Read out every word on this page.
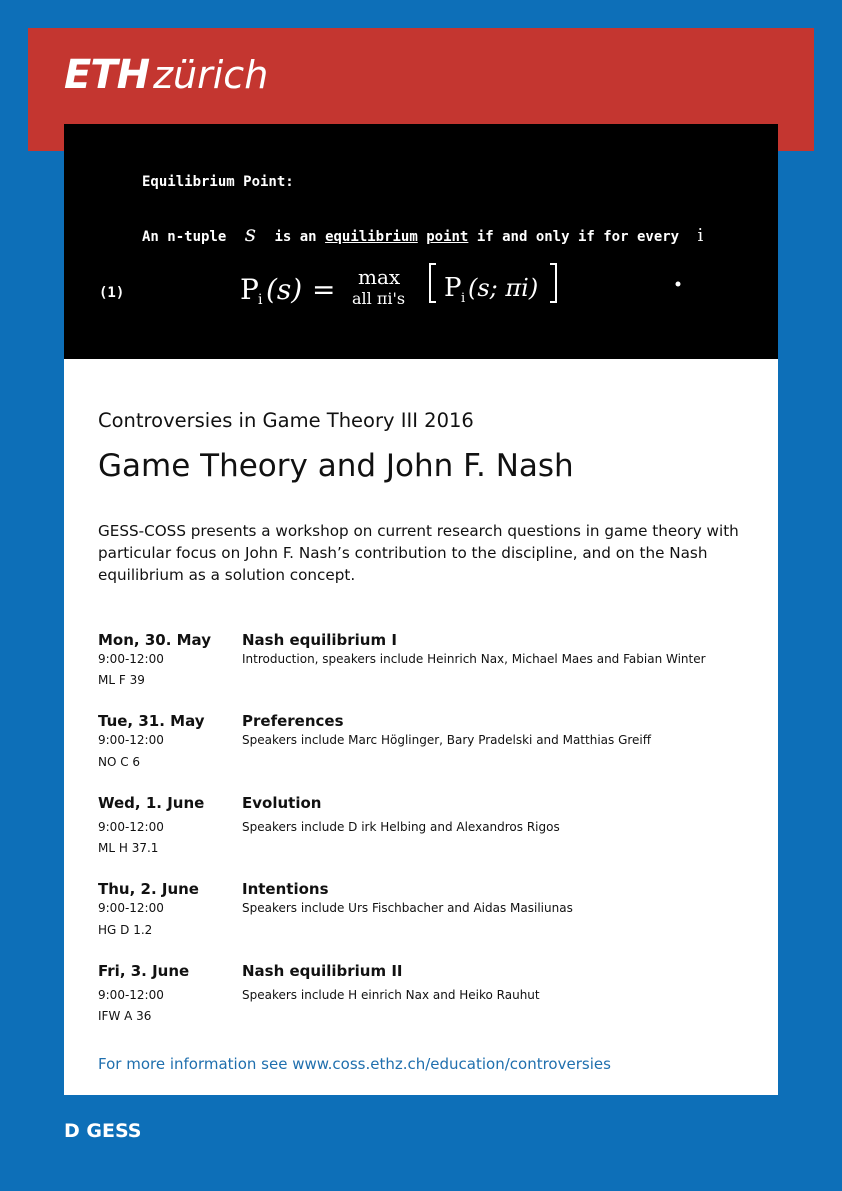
ETH zürich
Equilibrium Point:
An n-tuple s is an equilibrium point if and only if for every i
(1)	P i (s) = max
all πi's P i (s; πi)
Controversies in Game Theory III 2016
Game Theory and John F. Nash
GESS-COSS presents a workshop on current research questions in game theory with particular focus on John F. Nash’s contribution to the discipline, and on the Nash equilibrium as a solution concept.
Mon, 30. May
9:00-12:00
ML F 39
Nash equilibrium I
Introduction, speakers include Heinrich Nax, Michael Maes and Fabian Winter
Tue, 31. May
9:00-12:00
NO C 6
Preferences
Speakers include Marc Höglinger, Bary Pradelski and Matthias Greiff
Wed, 1. June
9:00-12:00
ML H 37.1
Evolution
Speakers include D irk Helbing and Alexandros Rigos
Thu, 2. June
9:00-12:00
HG D 1.2
Intentions
Speakers include Urs Fischbacher and Aidas Masiliunas
Fri, 3. June
9:00-12:00
IFW A 36
Nash equilibrium II
Speakers include H einrich Nax and Heiko Rauhut
For more information see www.coss.ethz.ch/education/controversies
D GESS
